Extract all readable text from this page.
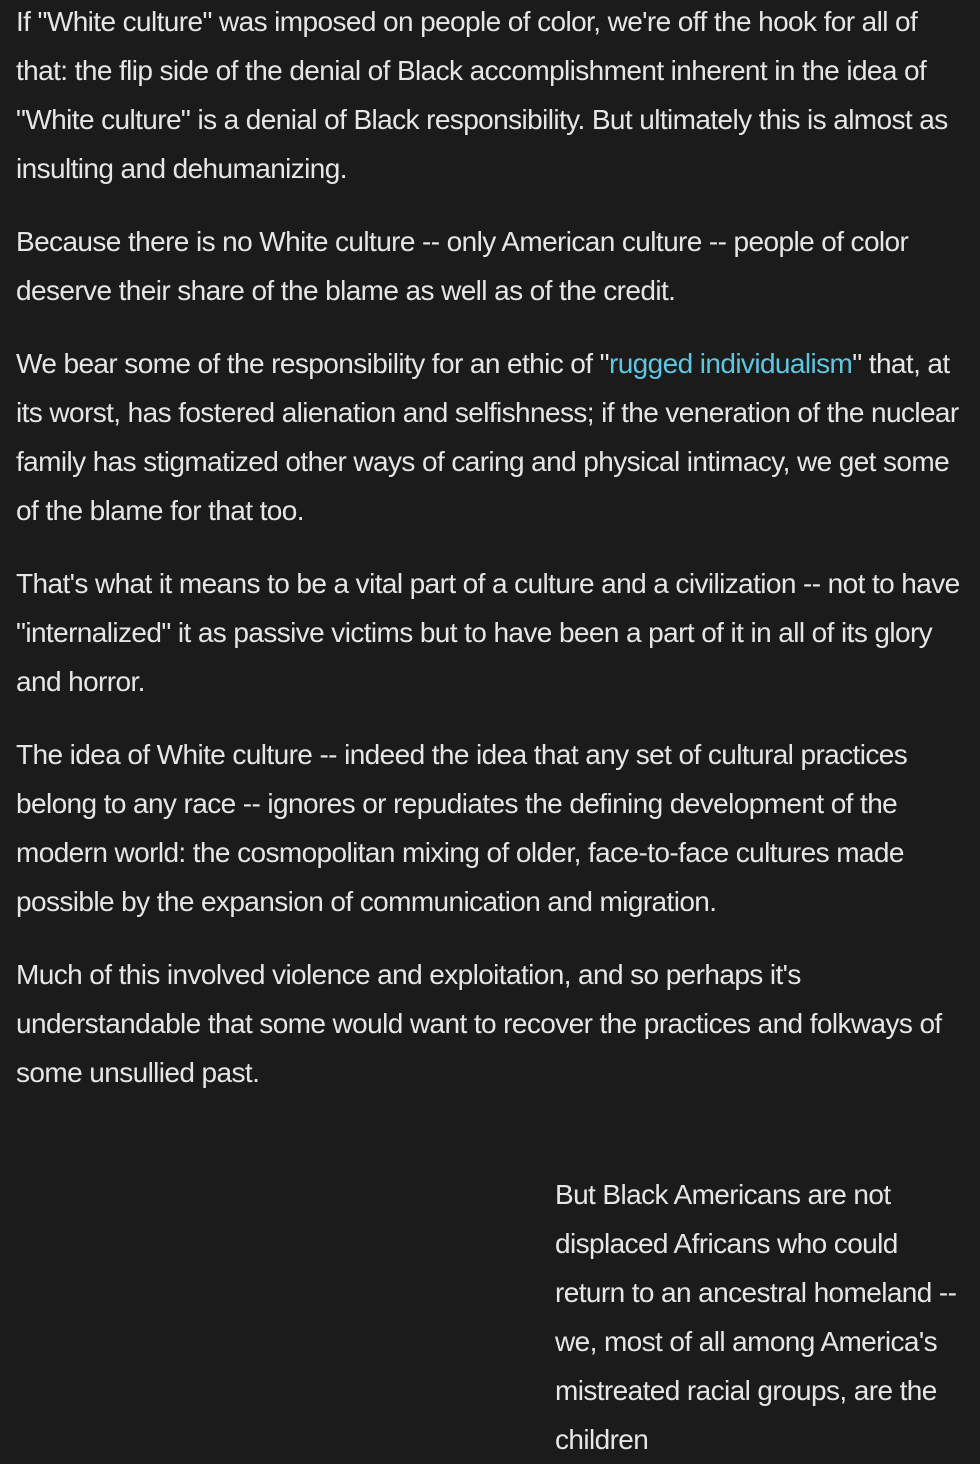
If "White culture" was imposed on people of color, we're off the hook for all of that: the flip side of the denial of Black accomplishment inherent in the idea of "White culture" is a denial of Black responsibility. But ultimately this is almost as insulting and dehumanizing.

Because there is no White culture -- only American culture -- people of color deserve their share of the blame as well as of the credit.

We bear some of the responsibility for an ethic of "rugged individualism" that, at its worst, has fostered alienation and selfishness; if the veneration of the nuclear family has stigmatized other ways of caring and physical intimacy, we get some of the blame for that too.

That's what it means to be a vital part of a culture and a civilization -- not to have "internalized" it as passive victims but to have been a part of it in all of its glory and horror.

The idea of White culture -- indeed the idea that any set of cultural practices belong to any race -- ignores or repudiates the defining development of the modern world: the cosmopolitan mixing of older, face-to-face cultures made possible by the expansion of communication and migration.

Much of this involved violence and exploitation, and so perhaps it's understandable that some would want to recover the practices and folkways of some unsullied past.

But Black Americans are not displaced Africans who could return to an ancestral homeland -- we, most of all among America's mistreated racial groups, are the children
